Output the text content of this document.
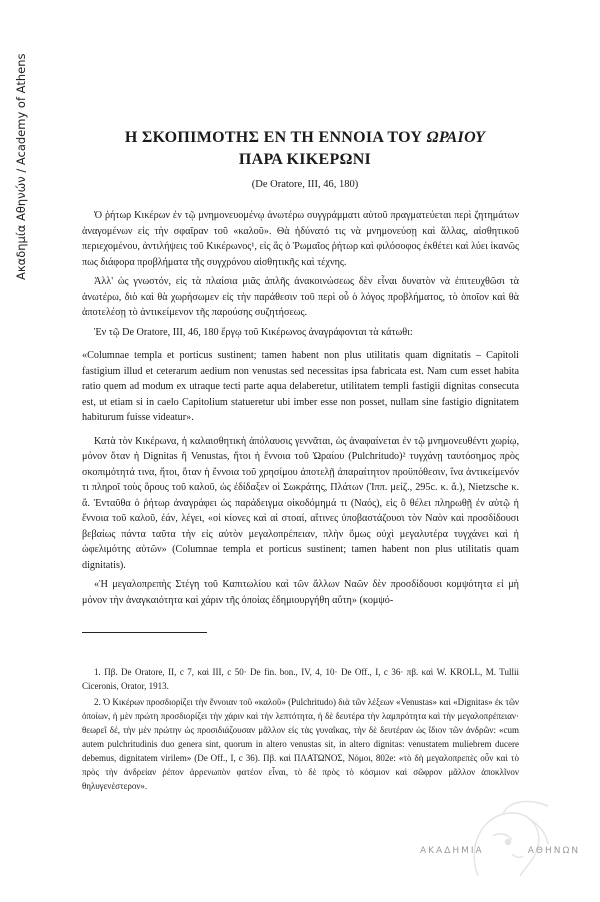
Ακαδημία Αθηνών / Academy of Athens	Η ΣΚΟΠΙΜΟΤΗΣ ΕΝ ΤΗ ΕΝΝΟΙΑ ΤΟΥ ΩΡΑΙΟΥ
ΠΑΡΑ ΚΙΚΕΡΩΝΙ
(De Oratore, III, 46, 180)

Ὁ ῥήτωρ Κικέρων ἐν τῷ μνημονευομένῳ ἀνωτέρω συγγράμματι αὐτοῦ πραγματεύεται περὶ ζητημάτων ἀναγομένων εἰς τὴν σφαῖραν τοῦ «καλοῦ». Θὰ ἠδύνατό τις νὰ μνημονεύσῃ καὶ ἄλλας, αἰσθητικοῦ περιεχομένου, ἀντιλήψεις τοῦ Κικέρωνος¹, εἰς ἃς ὁ Ῥωμαῖος ῥήτωρ καὶ φιλόσοφος ἐκθέτει καὶ λύει ἱκανῶς πως διάφορα προβλήματα τῆς συγχρόνου αἰσθητικῆς καὶ τέχνης.

Ἀλλ' ὡς γνωστόν, εἰς τὰ πλαίσια μιᾶς ἁπλῆς ἀνακοινώσεως δὲν εἶναι δυνατὸν νὰ ἐπιτευχθῶσι τὰ ἀνωτέρω, διὸ καὶ θὰ χωρήσωμεν εἰς τὴν παράθεσιν τοῦ περὶ οὗ ὁ λόγος προβλήματος, τὸ ὁποῖον καὶ θὰ ἀποτελέσῃ τὸ ἀντικείμενον τῆς παρούσης συζητήσεως.

Ἐν τῷ De Oratore, III, 46, 180 ἔργῳ τοῦ Κικέρωνος ἀναγράφονται τὰ κάτωθι:

«Columnae templa et porticus sustinent; tamen habent non plus utilitatis quam dignitatis – Capitoli fastigium illud et ceterarum aedium non venustas sed necessitas ipsa fabricata est. Nam cum esset habita ratio quem ad modum ex utraque tecti parte aqua delaberetur, utilitatem templi fastigii dignitas consecuta est, ut etiam si in caelo Capitolium statueretur ubi imber esse non posset, nullam sine fastigio dignitatem habiturum fuisse videatur».

Κατὰ τὸν Κικέρωνα, ἡ καλαισθητικὴ ἀπόλαυσις γεννᾶται, ὡς ἀναφαίνεται ἐν τῷ μνημονευθέντι χωρίῳ, μόνον ὅταν ἡ Dignitas ἢ Venustas, ἤτοι ἡ ἔννοια τοῦ Ὡραίου (Pulchritudo)² τυγχάνῃ ταυτόσημος πρὸς σκοπιμότητά τινα, ἤτοι, ὅταν ἡ ἔννοια τοῦ χρησίμου ἀποτελῇ ἀπαραίτητον προϋπόθεσιν, ἵνα ἀντικείμενόν τι πληροῖ τοὺς ὅρους τοῦ καλοῦ, ὡς ἐδίδαξεν οἱ Σωκράτης, Πλάτων (Ἱππ. μείζ., 295c. κ. ἄ.), Nietzsche κ. ἄ. Ἐνταῦθα ὁ ῥήτωρ ἀναγράφει ὡς παράδειγμα οἰκοδόμημά τι (Ναός), εἰς ὃ θέλει πληρωθῇ ἐν αὐτῷ ἡ ἔννοια τοῦ καλοῦ, ἐάν, λέγει, «οἱ κίονες καὶ αἱ στοαί, αἵτινες ὑποβαστάζουσι τὸν Ναὸν καὶ προσδίδουσι βεβαίως πάντα ταῦτα τὴν εἰς αὐτὸν μεγαλοπρέπειαν, πλὴν ὅμως οὐχὶ μεγαλυτέρα τυγχάνει καὶ ἡ ὠφελιμότης αὐτῶν» (Columnae templa et porticus sustinent; tamen habent non plus utilitatis quam dignitatis).

«Ἡ μεγαλοπρεπὴς Στέγη τοῦ Καπιτωλίου καὶ τῶν ἄλλων Ναῶν δὲν προσδίδουσι κομψότητα εἰ μὴ μόνον τὴν ἀναγκαιότητα καὶ χάριν τῆς ὁποίας ἐδημιουργήθη αὕτη» (κομψό-

1. Πβ. De Oratore, II, c 7, καὶ III, c 50· De fin. bon., IV, 4, 10· De Off., I, c 36· πβ. καὶ W. KROLL, M. Tullii Ciceronis, Orator, 1913.

2. Ὁ Κικέρων προσδιορίζει τὴν ἔννοιαν τοῦ «καλοῦ» (Pulchritudo) διὰ τῶν λέξεων «Venustas» καὶ «Dignitas» ἐκ τῶν ὁποίων, ἡ μὲν πρώτη προσδιορίζει τὴν χάριν καὶ τὴν λεπτότητα, ἡ δὲ δευτέρα τὴν λαμπρότητα καὶ τὴν μεγαλοπρέπειαν· θεωρεῖ δέ, τὴν μὲν πρώτην ὡς προσιδιάζουσαν μᾶλλον εἰς τὰς γυναῖκας, τὴν δὲ δευτέραν ὡς ἴδιον τῶν ἀνδρῶν: «cum autem pulchritudinis duo genera sint, quorum in altero venustas sit, in altero dignitas: venustatem muliebrem ducere debemus, dignitatem virilem» (De Off., I, c 36). Πβ. καὶ ΠΛΑΤΩΝΟΣ, Νόμοι, 802e: «τὸ δὴ μεγαλοπρεπὲς οὖν καὶ τὸ πρὸς τὴν ἀνδρείαν ῥέπον ἀρρενωπὸν φατέον εἶναι, τὸ δὲ πρὸς τὸ κόσμιον καὶ σῶφρον μᾶλλον ἀποκλῖνον θηλυγενέστερον».

ΑΚΑΔΗΜΙΑ	ΑΘΗΝΩΝ
